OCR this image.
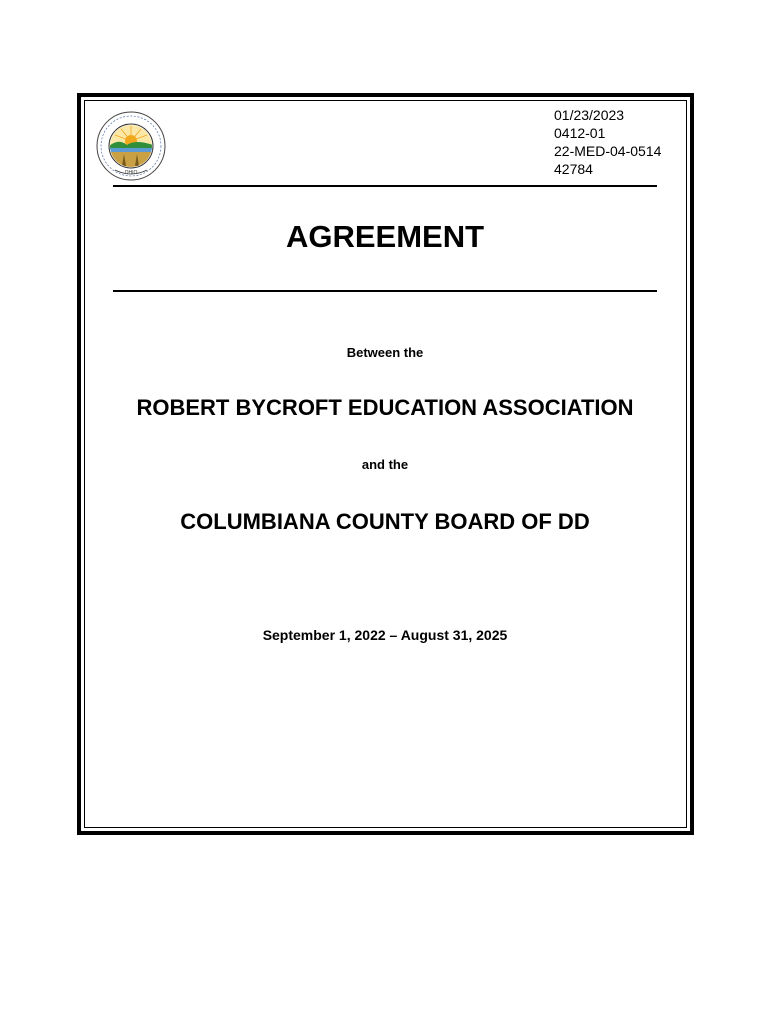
OHIO
01/23/2023
0412-01
22-MED-04-0514
42784
AGREEMENT
Between the
ROBERT BYCROFT EDUCATION ASSOCIATION
and the
COLUMBIANA COUNTY BOARD OF DD
September 1, 2022 – August 31, 2025
